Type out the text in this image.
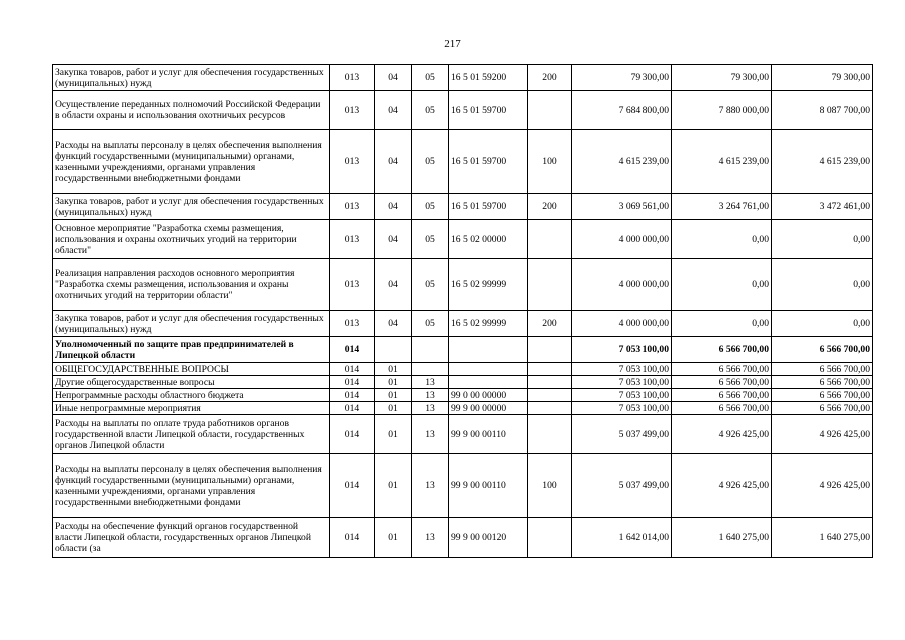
217
Закупка товаров, работ и услуг для обеспечения государственных (муниципальных) нужд	013	04	05	16 5 01 59200	200	79 300,00	79 300,00	79 300,00
Осуществление переданных полномочий Российской Федерации в области охраны и использования охотничьих ресурсов	013	04	05	16 5 01 59700		7 684 800,00	7 880 000,00	8 087 700,00
Расходы на выплаты персоналу в целях обеспечения выполнения функций государственными (муниципальными) органами, казенными учреждениями, органами управления государственными внебюджетными фондами	013	04	05	16 5 01 59700	100	4 615 239,00	4 615 239,00	4 615 239,00
Закупка товаров, работ и услуг для обеспечения государственных (муниципальных) нужд	013	04	05	16 5 01 59700	200	3 069 561,00	3 264 761,00	3 472 461,00
Основное мероприятие "Разработка схемы размещения, использования и охраны охотничьих угодий на территории области"	013	04	05	16 5 02 00000		4 000 000,00	0,00	0,00
Реализация направления расходов основного мероприятия "Разработка схемы размещения, использования и охраны охотничьих угодий на территории области"	013	04	05	16 5 02 99999		4 000 000,00	0,00	0,00
Закупка товаров, работ и услуг для обеспечения государственных (муниципальных) нужд	013	04	05	16 5 02 99999	200	4 000 000,00	0,00	0,00
Уполномоченный по защите прав предпринимателей в Липецкой области	014					7 053 100,00	6 566 700,00	6 566 700,00
ОБЩЕГОСУДАРСТВЕННЫЕ ВОПРОСЫ	014	01				7 053 100,00	6 566 700,00	6 566 700,00
Другие общегосударственные вопросы	014	01	13			7 053 100,00	6 566 700,00	6 566 700,00
Непрограммные расходы областного бюджета	014	01	13	99 0 00 00000		7 053 100,00	6 566 700,00	6 566 700,00
Иные непрограммные мероприятия	014	01	13	99 9 00 00000		7 053 100,00	6 566 700,00	6 566 700,00
Расходы на выплаты по оплате труда работников органов государственной власти Липецкой области, государственных органов Липецкой области	014	01	13	99 9 00 00110		5 037 499,00	4 926 425,00	4 926 425,00
Расходы на выплаты персоналу в целях обеспечения выполнения функций государственными (муниципальными) органами, казенными учреждениями, органами управления государственными внебюджетными фондами	014	01	13	99 9 00 00110	100	5 037 499,00	4 926 425,00	4 926 425,00
Расходы на обеспечение функций органов государственной власти Липецкой области, государственных органов Липецкой области (за	014	01	13	99 9 00 00120		1 642 014,00	1 640 275,00	1 640 275,00
